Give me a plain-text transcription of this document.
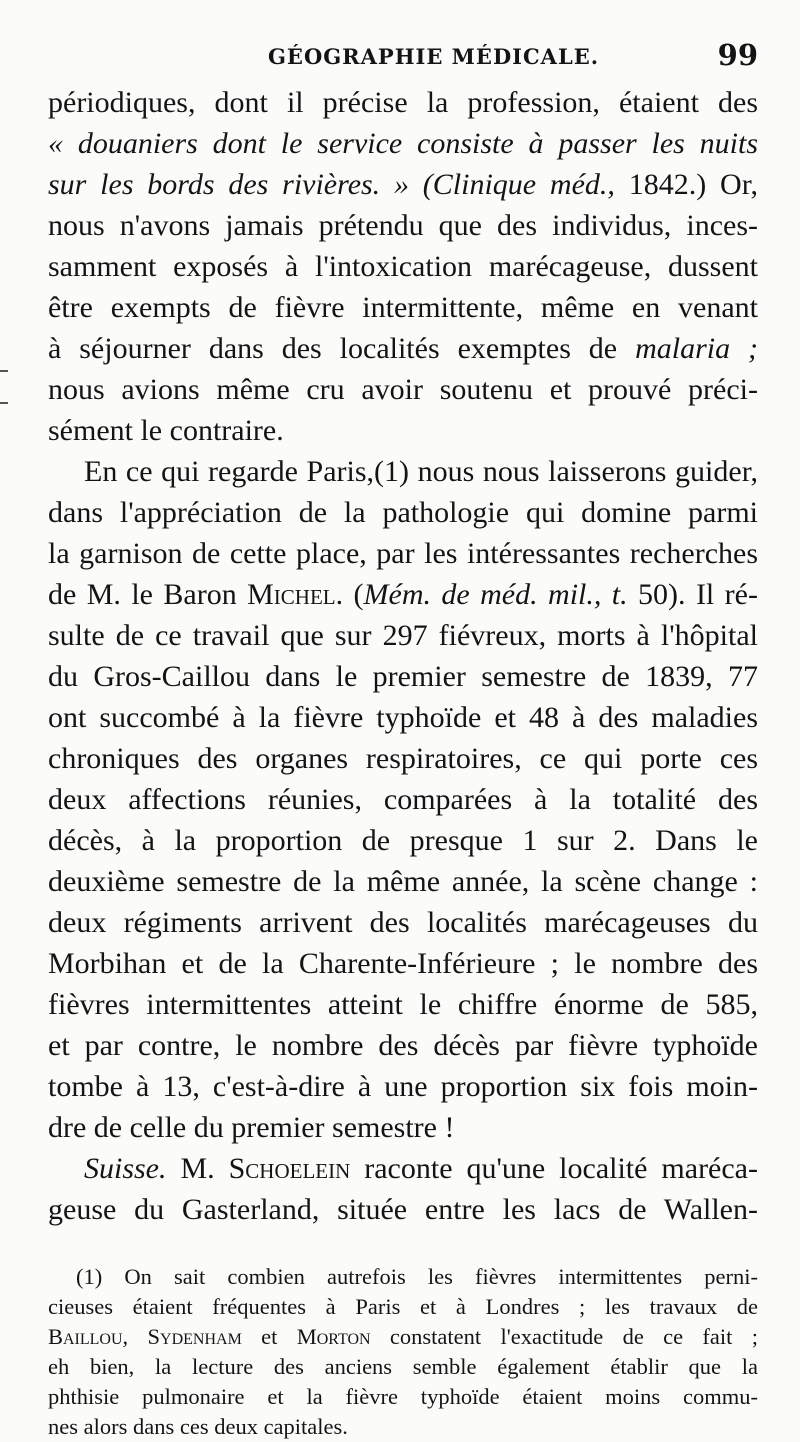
GÉOGRAPHIE MÉDICALE.	99
périodiques, dont il précise la profession, étaient des
« douaniers dont le service consiste à passer les nuits
sur les bords des rivières. » (Clinique méd., 1842.) Or,
nous n'avons jamais prétendu que des individus, inces-
samment exposés à l'intoxication marécageuse, dussent
être exempts de fièvre intermittente, même en venant
à séjourner dans des localités exemptes de malaria ;
nous avions même cru avoir soutenu et prouvé préci-
sément le contraire.
En ce qui regarde Paris,(1) nous nous laisserons guider,
dans l'appréciation de la pathologie qui domine parmi
la garnison de cette place, par les intéressantes recherches
de M. le Baron Michel. (Mém. de méd. mil., t. 50). Il ré-
sulte de ce travail que sur 297 fiévreux, morts à l'hôpital
du Gros-Caillou dans le premier semestre de 1839, 77
ont succombé à la fièvre typhoïde et 48 à des maladies
chroniques des organes respiratoires, ce qui porte ces
deux affections réunies, comparées à la totalité des
décès, à la proportion de presque 1 sur 2. Dans le
deuxième semestre de la même année, la scène change :
deux régiments arrivent des localités marécageuses du
Morbihan et de la Charente-Inférieure ; le nombre des
fièvres intermittentes atteint le chiffre énorme de 585,
et par contre, le nombre des décès par fièvre typhoïde
tombe à 13, c'est-à-dire à une proportion six fois moin-
dre de celle du premier semestre !
Suisse. M. Schoelein raconte qu'une localité maréca-
geuse du Gasterland, située entre les lacs de Wallen-
(1) On sait combien autrefois les fièvres intermittentes perni-
cieuses étaient fréquentes à Paris et à Londres ; les travaux de
Baillou, Sydenham et Morton constatent l'exactitude de ce fait ;
eh bien, la lecture des anciens semble également établir que la
phthisie pulmonaire et la fièvre typhoïde étaient moins commu-
nes alors dans ces deux capitales.
